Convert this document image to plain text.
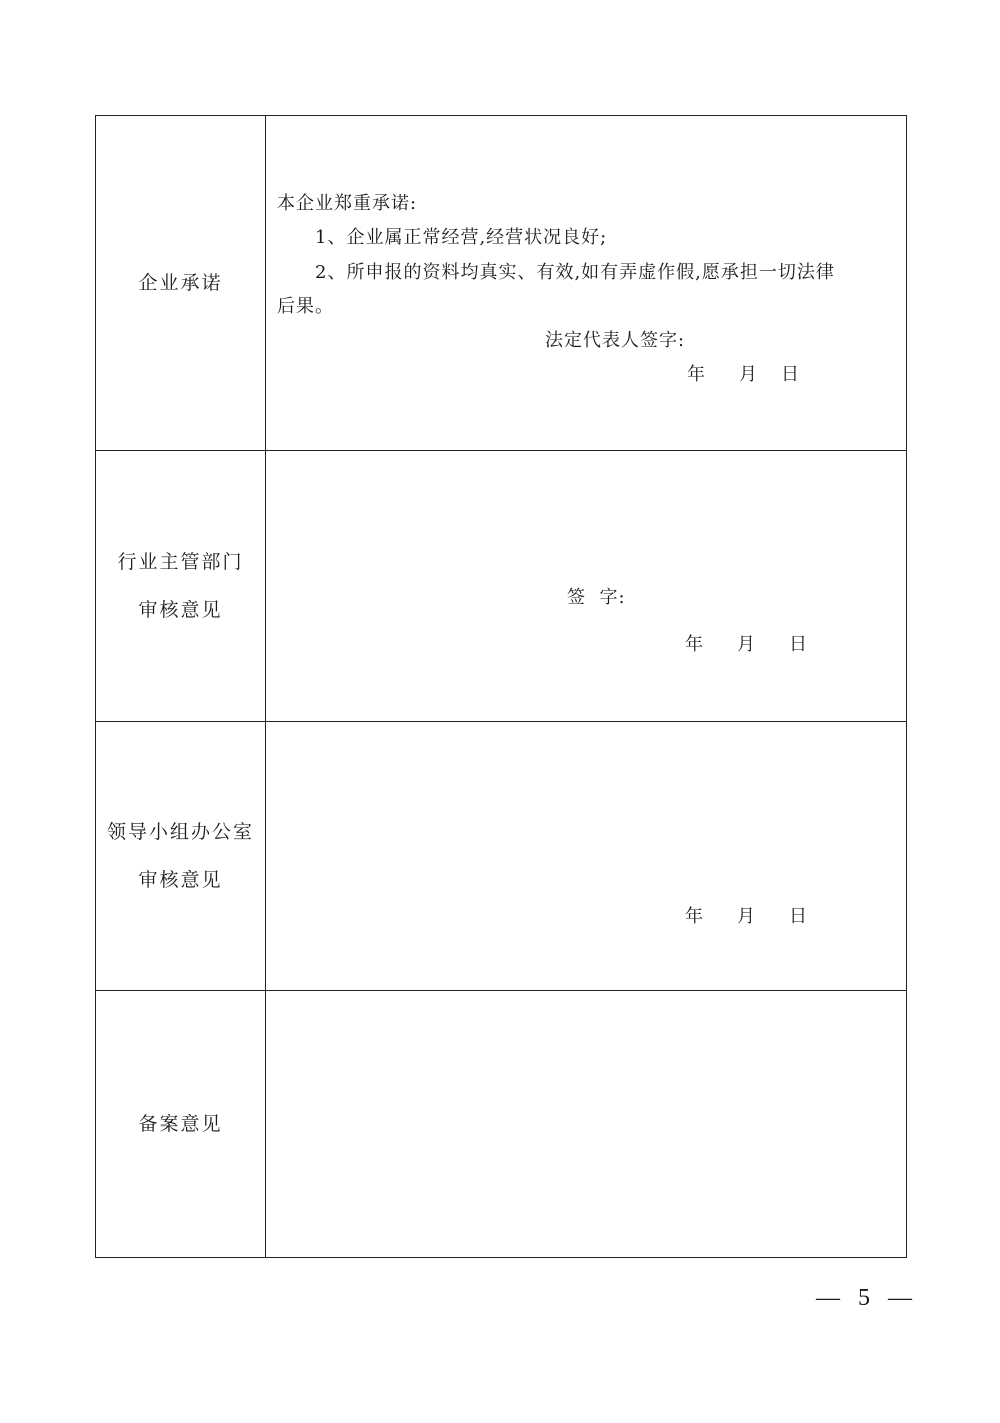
企业承诺
本企业郑重承诺:
1、企业属正常经营,经营状况良好;
2、所申报的资料均真实、有效,如有弄虚作假,愿承担一切法律
后果。
法定代表人签字:
年 月 日
行业主管部门
审核意见
签  字:
年 月 日
领导小组办公室
审核意见
年 月 日
备案意见
— 5 —
